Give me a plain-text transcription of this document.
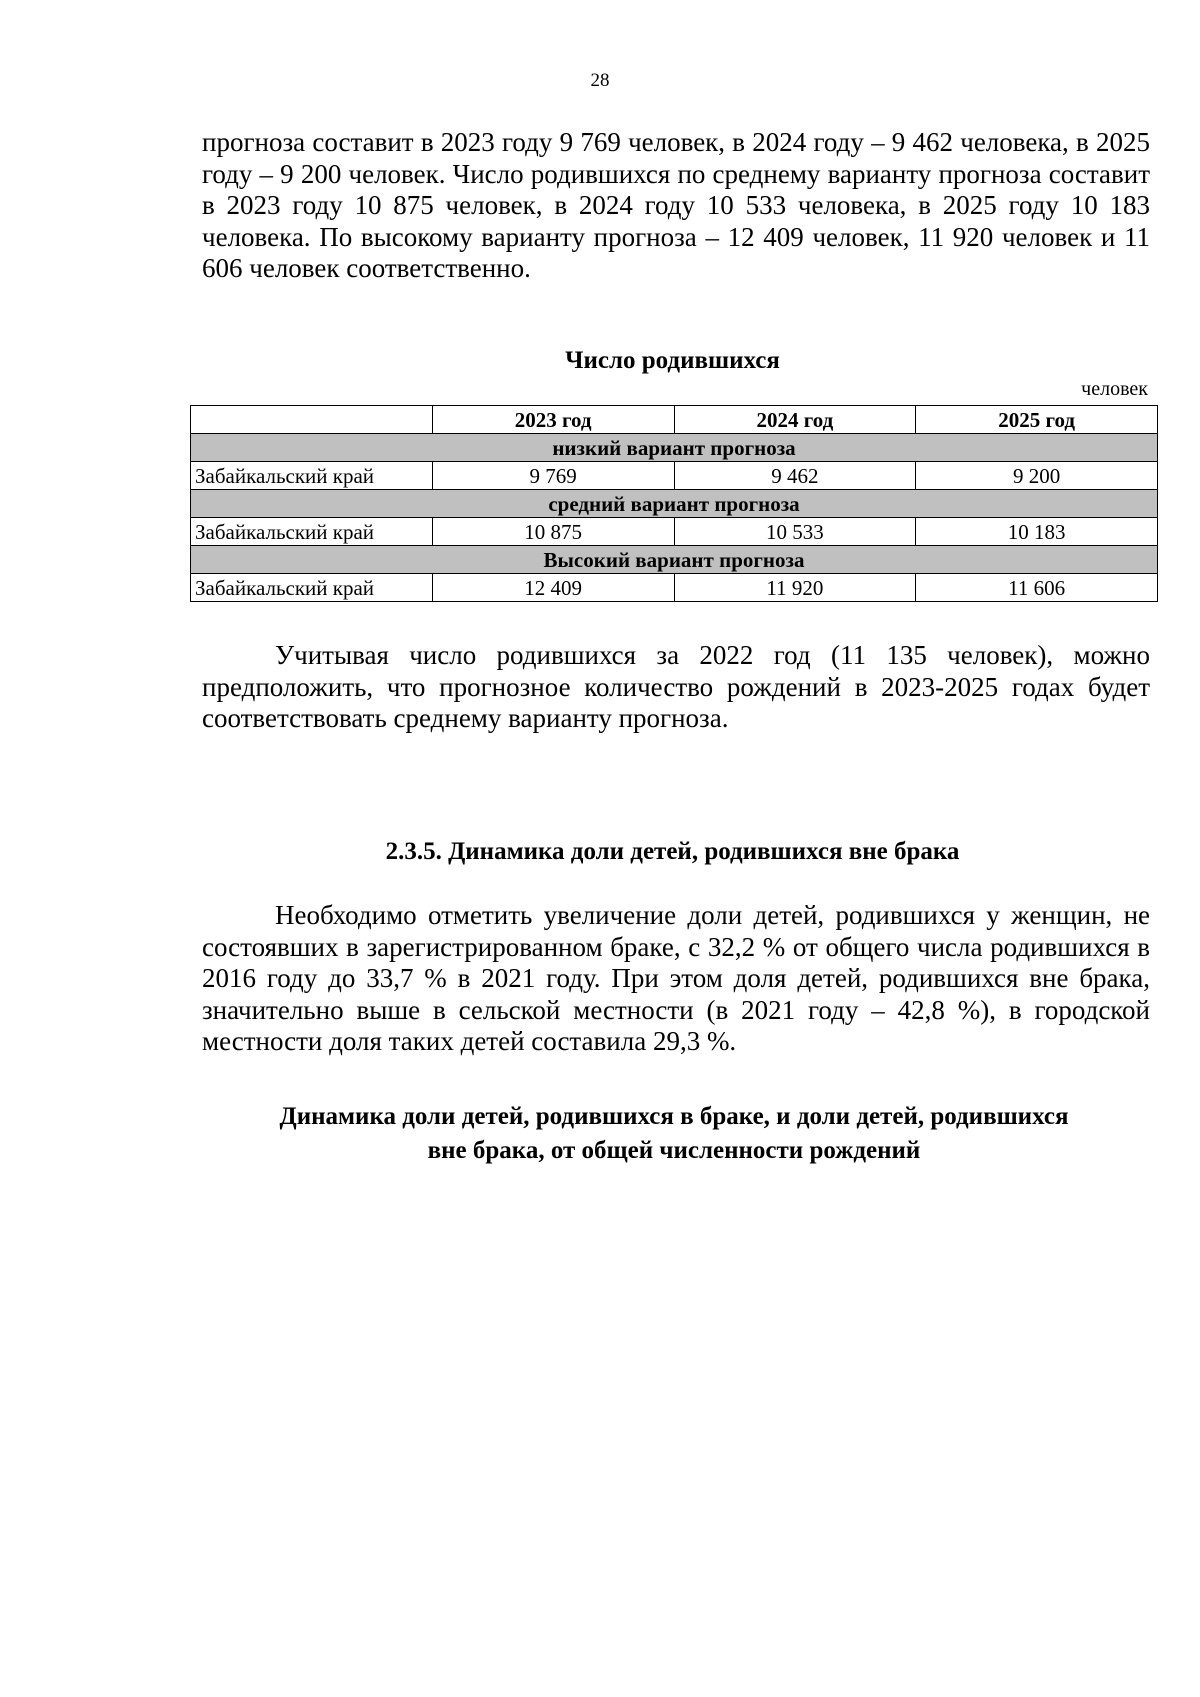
28
прогноза составит в 2023 году 9 769 человек, в 2024 году – 9 462 человека, в 2025 году – 9 200 человек. Число родившихся по среднему варианту прогноза составит в 2023 году 10 875 человек, в 2024 году 10 533 человека, в 2025 году 10 183 человека. По высокому варианту прогноза – 12 409 человек, 11 920 человек и 11 606 человек соответственно.
Число родившихся
человек
	2023 год	2024 год	2025 год
низкий вариант прогноза			
Забайкальский край	9 769	9 462	9 200
средний вариант прогноза			
Забайкальский край	10 875	10 533	10 183
Высокий вариант прогноза			
Забайкальский край	12 409	11 920	11 606
Учитывая число родившихся за 2022 год (11 135 человек), можно предположить, что прогнозное количество рождений в 2023-2025 годах будет соответствовать среднему варианту прогноза.
2.3.5. Динамика доли детей, родившихся вне брака
Необходимо отметить увеличение доли детей, родившихся у женщин, не состоявших в зарегистрированном браке, с 32,2 % от общего числа родившихся в 2016 году до 33,7 % в 2021 году. При этом доля детей, родившихся вне брака, значительно выше в сельской местности (в 2021 году – 42,8 %), в городской местности доля таких детей составила 29,3 %.
Динамика доли детей, родившихся в браке, и доли детей, родившихся
вне брака, от общей численности рождений
